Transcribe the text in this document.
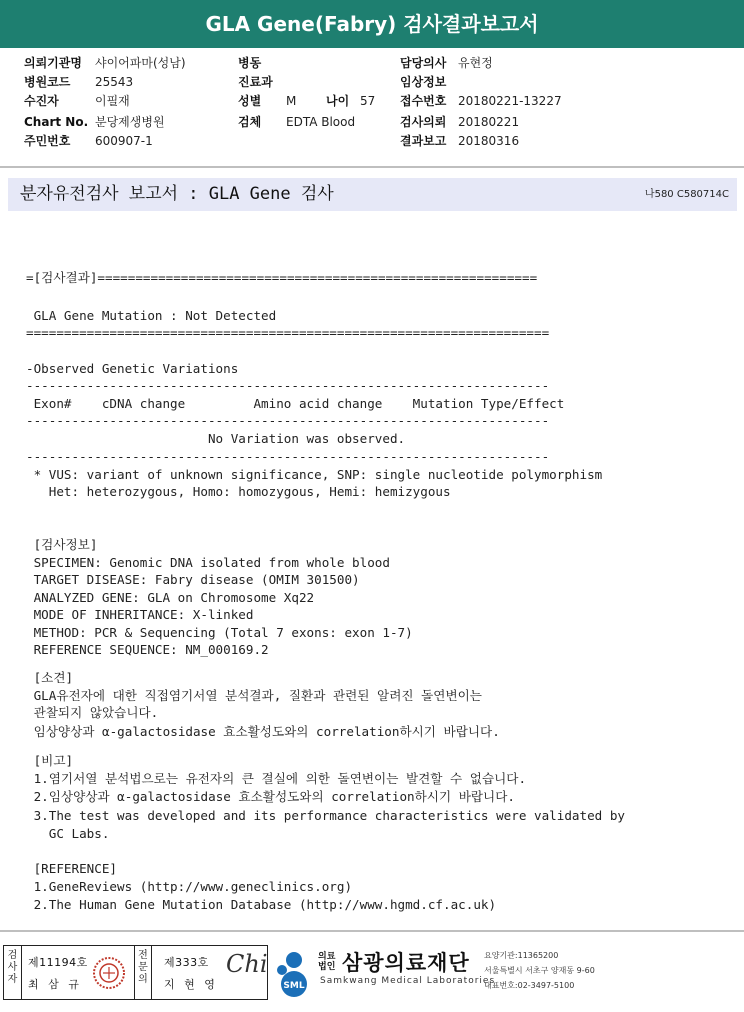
GLA Gene(Fabry) 검사결과보고서
의뢰기관명 샤이어파마(성남)	병동	담당의사 유현정
병원코드 25543	진료과	임상정보
수진자	이필재	성별 M 나이 57 접수번호 20180221-13227
Chart No. 분당제생병원	검체 EDTA Blood	검사의뢰 20180221
주민번호 600907-1	결과보고 20180316
분자유전검사 보고서 : GLA Gene 검사	나580 C580714C
=[검사결과]==========================================================
GLA Gene Mutation : Not Detected
=====================================================================
-Observed Genetic Variations
---------------------------------------------------------------------
Exon#    cDNA change         Amino acid change    Mutation Type/Effect
---------------------------------------------------------------------
No Variation was observed.
---------------------------------------------------------------------
* VUS: variant of unknown significance, SNP: single nucleotide polymorphism
Het: heterozygous, Homo: homozygous, Hemi: hemizygous
[검사정보]
SPECIMEN: Genomic DNA isolated from whole blood
TARGET DISEASE: Fabry disease (OMIM 301500)
ANALYZED GENE: GLA on Chromosome Xq22
MODE OF INHERITANCE: X-linked
METHOD: PCR & Sequencing (Total 7 exons: exon 1-7)
REFERENCE SEQUENCE: NM_000169.2
[소견]
GLA유전자에 대한 직접염기서열 분석결과, 질환과 관련된 알려진 돌연변이는
관찰되지 않았습니다.
임상양상과 α-galactosidase 효소활성도와의 correlation하시기 바랍니다.
[비고]
1.염기서열 분석법으로는 유전자의 큰 결실에 의한 돌연변이는 발견할 수 없습니다.
2.임상양상과 α-galactosidase 효소활성도와의 correlation하시기 바랍니다.
3.The test was developed and its performance characteristics were validated by
GC Labs.
[REFERENCE]
1.GeneReviews (http://www.geneclinics.org)
2.The Human Gene Mutation Database (http://www.hgmd.cf.ac.uk)
검사자
제11194호
최 삼 규
전문의
제333호
지 현 영
Chi
SML
의료법인 삼광의료재단
Samkwang Medical Laboratories
요양기관:11365200
서울특별시 서초구 양재동 9-60
대표번호:02-3497-5100
